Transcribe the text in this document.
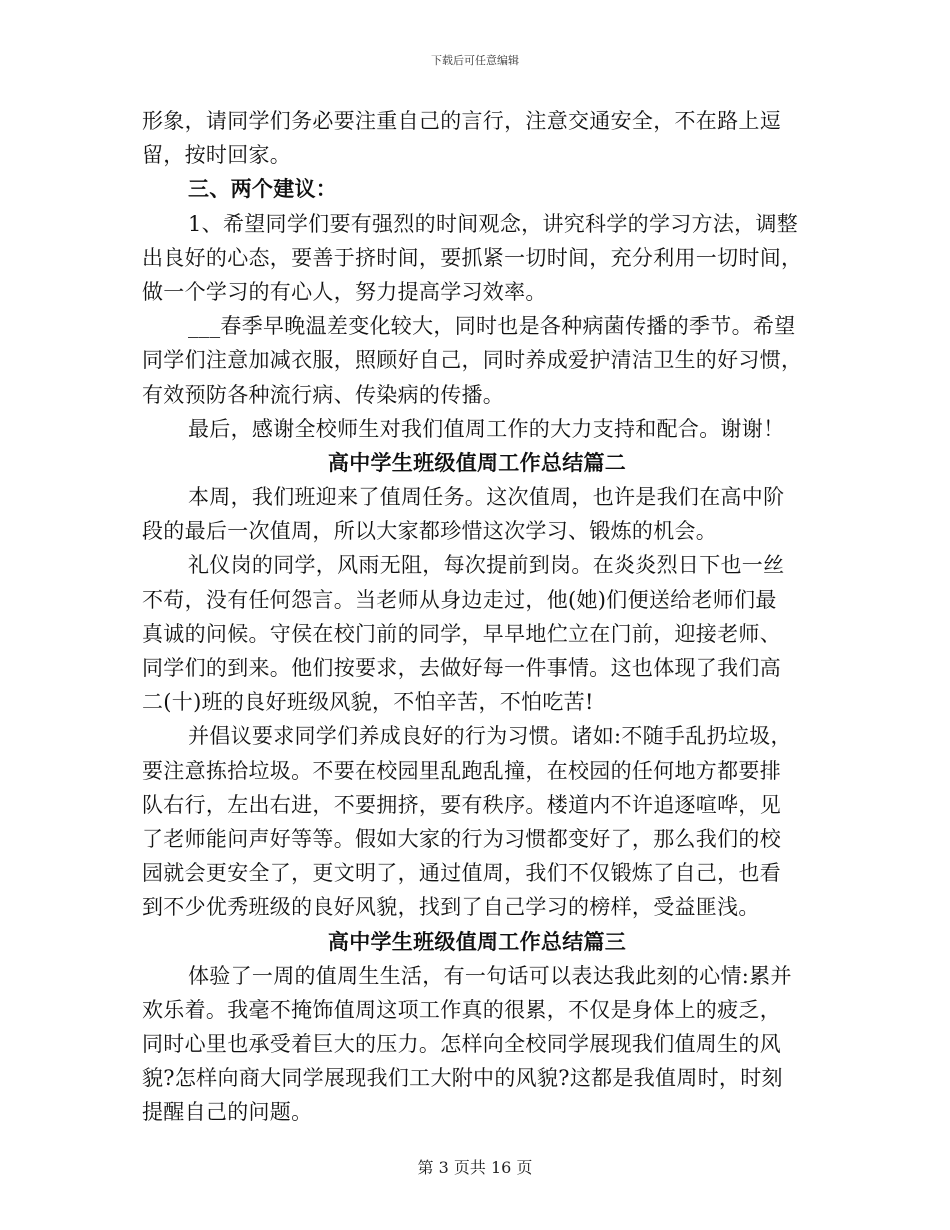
下载后可任意编辑
形象，请同学们务必要注重自己的言行，注意交通安全，不在路上逗
留，按时回家。
三、两个建议：
1、希望同学们要有强烈的时间观念，讲究科学的学习方法，调整
出良好的心态，要善于挤时间，要抓紧一切时间，充分利用一切时间，
做一个学习的有心人，努力提高学习效率。
___春季早晚温差变化较大，同时也是各种病菌传播的季节。希望
同学们注意加减衣服，照顾好自己，同时养成爱护清洁卫生的好习惯，
有效预防各种流行病、传染病的传播。
最后，感谢全校师生对我们值周工作的大力支持和配合。谢谢！
高中学生班级值周工作总结篇二
本周，我们班迎来了值周任务。这次值周，也许是我们在高中阶
段的最后一次值周，所以大家都珍惜这次学习、锻炼的机会。
礼仪岗的同学，风雨无阻，每次提前到岗。在炎炎烈日下也一丝
不苟，没有任何怨言。当老师从身边走过，他(她)们便送给老师们最
真诚的问候。守侯在校门前的同学，早早地伫立在门前，迎接老师、
同学们的到来。他们按要求，去做好每一件事情。这也体现了我们高
二(十)班的良好班级风貌，不怕辛苦，不怕吃苦!
并倡议要求同学们养成良好的行为习惯。诸如:不随手乱扔垃圾，
要注意拣拾垃圾。不要在校园里乱跑乱撞，在校园的任何地方都要排
队右行，左出右进，不要拥挤，要有秩序。楼道内不许追逐喧哗，见
了老师能问声好等等。假如大家的行为习惯都变好了，那么我们的校
园就会更安全了，更文明了，通过值周，我们不仅锻炼了自己，也看
到不少优秀班级的良好风貌，找到了自己学习的榜样，受益匪浅。
高中学生班级值周工作总结篇三
体验了一周的值周生生活，有一句话可以表达我此刻的心情:累并
欢乐着。我毫不掩饰值周这项工作真的很累，不仅是身体上的疲乏，
同时心里也承受着巨大的压力。怎样向全校同学展现我们值周生的风
貌?怎样向商大同学展现我们工大附中的风貌?这都是我值周时，时刻
提醒自己的问题。
第 3 页共 16 页
